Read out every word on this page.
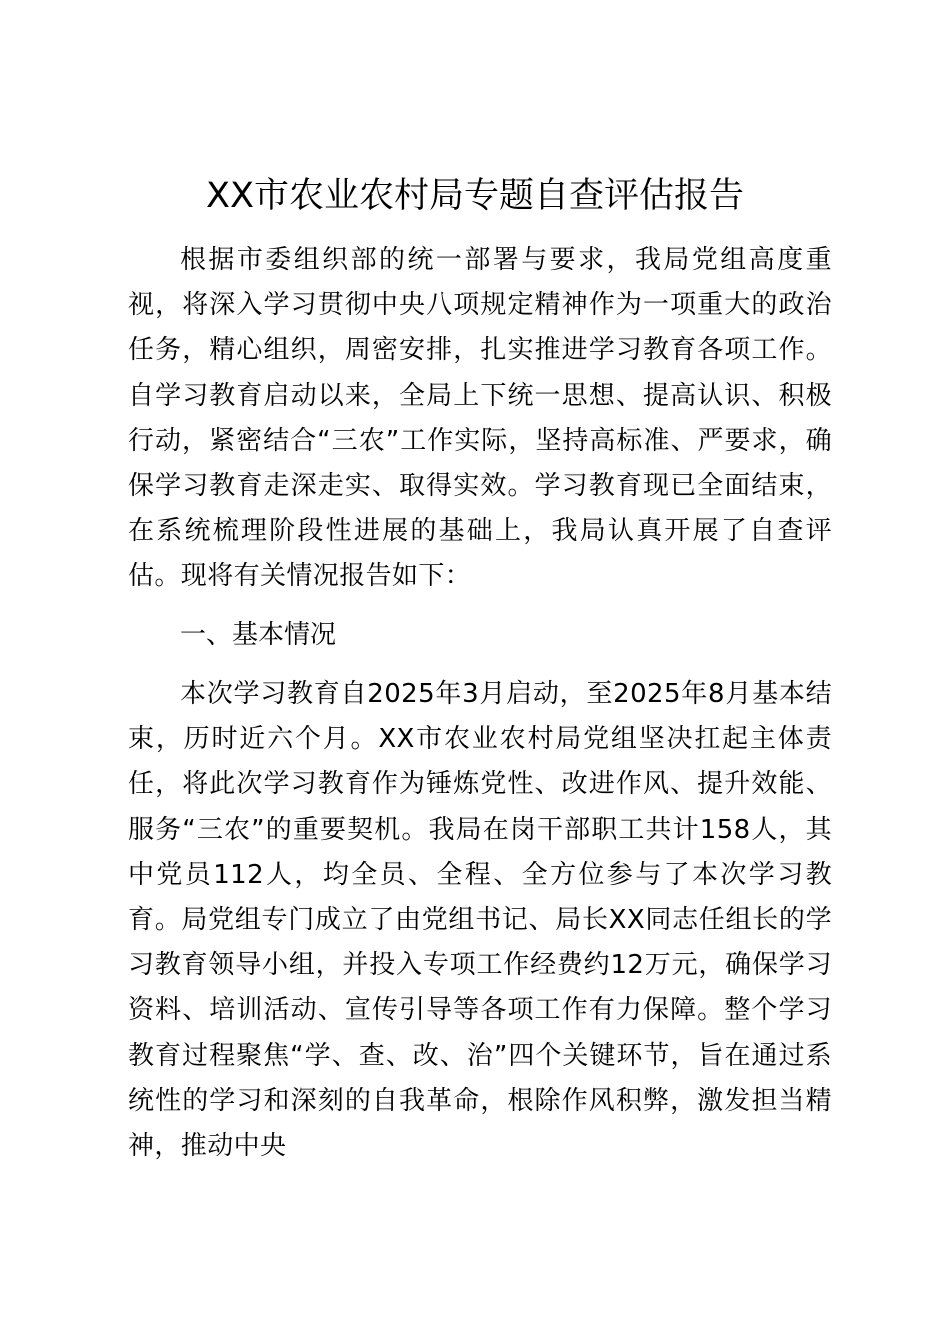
XX市农业农村局专题自查评估报告

根据市委组织部的统一部署与要求，我局党组高度重视，将深入学习贯彻中央八项规定精神作为一项重大的政治任务，精心组织，周密安排，扎实推进学习教育各项工作。自学习教育启动以来，全局上下统一思想、提高认识、积极行动，紧密结合“三农”工作实际，坚持高标准、严要求，确保学习教育走深走实、取得实效。学习教育现已全面结束，在系统梳理阶段性进展的基础上，我局认真开展了自查评估。现将有关情况报告如下：

一、基本情况

本次学习教育自2025年3月启动，至2025年8月基本结束，历时近六个月。XX市农业农村局党组坚决扛起主体责任，将此次学习教育作为锤炼党性、改进作风、提升效能、服务“三农”的重要契机。我局在岗干部职工共计158人，其中党员112人，均全员、全程、全方位参与了本次学习教育。局党组专门成立了由党组书记、局长XX同志任组长的学习教育领导小组，并投入专项工作经费约12万元，确保学习资料、培训活动、宣传引导等各项工作有力保障。整个学习教育过程聚焦“学、查、改、治”四个关键环节，旨在通过系统性的学习和深刻的自我革命，根除作风积弊，激发担当精神，推动中央
